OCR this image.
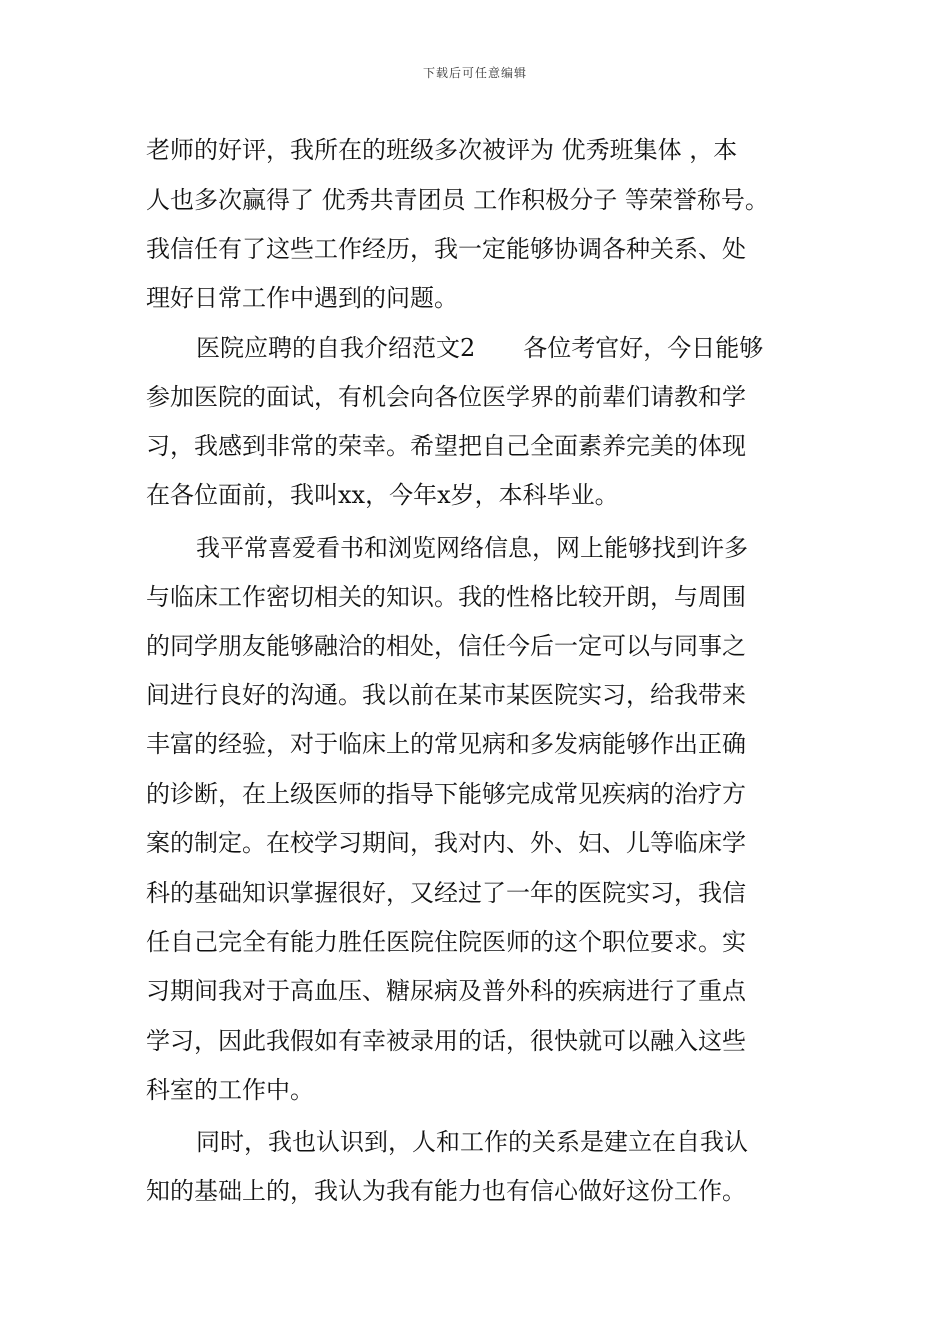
下载后可任意编辑
老师的好评，我所在的班级多次被评为 优秀班集体 ，本
人也多次赢得了 优秀共青团员 工作积极分子 等荣誉称号。
我信任有了这些工作经历，我一定能够协调各种关系、处
理好日常工作中遇到的问题。
医院应聘的自我介绍范文2　　各位考官好，今日能够
参加医院的面试，有机会向各位医学界的前辈们请教和学
习，我感到非常的荣幸。希望把自己全面素养完美的体现
在各位面前，我叫xx，今年x岁，本科毕业。
我平常喜爱看书和浏览网络信息，网上能够找到许多
与临床工作密切相关的知识。我的性格比较开朗，与周围
的同学朋友能够融洽的相处，信任今后一定可以与同事之
间进行良好的沟通。我以前在某市某医院实习，给我带来
丰富的经验，对于临床上的常见病和多发病能够作出正确
的诊断，在上级医师的指导下能够完成常见疾病的治疗方
案的制定。在校学习期间，我对内、外、妇、儿等临床学
科的基础知识掌握很好，又经过了一年的医院实习，我信
任自己完全有能力胜任医院住院医师的这个职位要求。实
习期间我对于高血压、糖尿病及普外科的疾病进行了重点
学习，因此我假如有幸被录用的话，很快就可以融入这些
科室的工作中。
同时，我也认识到，人和工作的关系是建立在自我认
知的基础上的，我认为我有能力也有信心做好这份工作。
